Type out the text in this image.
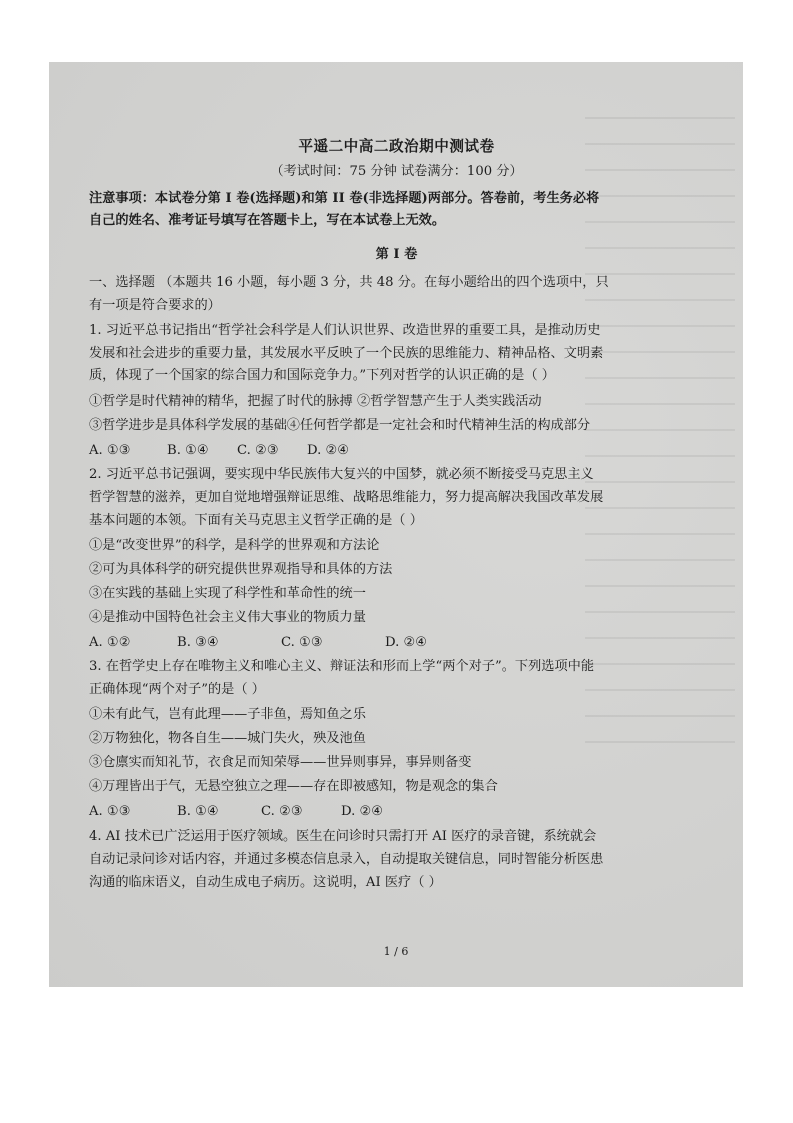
平遥二中高二政治期中测试卷
（考试时间：75 分钟 试卷满分：100 分）
注意事项：本试卷分第 I 卷(选择题)和第 II 卷(非选择题)两部分。答卷前，考生务必将
自己的姓名、准考证号填写在答题卡上，写在本试卷上无效。
第 I 卷
一、选择题 （本题共 16 小题，每小题 3 分，共 48 分。在每小题给出的四个选项中，只
有一项是符合要求的）
1. 习近平总书记指出“哲学社会科学是人们认识世界、改造世界的重要工具，是推动历史
发展和社会进步的重要力量，其发展水平反映了一个民族的思维能力、精神品格、文明素
质，体现了一个国家的综合国力和国际竞争力。”下列对哲学的认识正确的是（ ）
①哲学是时代精神的精华，把握了时代的脉搏 ②哲学智慧产生于人类实践活动
③哲学进步是具体科学发展的基础④任何哲学都是一定社会和时代精神生活的构成部分
A. ①③	B. ①④ C. ②③ D. ②④
2. 习近平总书记强调，要实现中华民族伟大复兴的中国梦，就必须不断接受马克思主义
哲学智慧的滋养，更加自觉地增强辩证思维、战略思维能力，努力提高解决我国改革发展
基本问题的本领。下面有关马克思主义哲学正确的是（ ）
①是“改变世界”的科学，是科学的世界观和方法论
②可为具体科学的研究提供世界观指导和具体的方法
③在实践的基础上实现了科学性和革命性的统一
④是推动中国特色社会主义伟大事业的物质力量
A. ①②	B. ③④	C. ①③	D. ②④
3. 在哲学史上存在唯物主义和唯心主义、辩证法和形而上学“两个对子”。下列选项中能
正确体现“两个对子”的是（ ）
①未有此气，岂有此理——子非鱼，焉知鱼之乐
②万物独化，物各自生——城门失火，殃及池鱼
③仓廪实而知礼节，衣食足而知荣辱——世异则事异，事异则备变
④万理皆出于气，无悬空独立之理——存在即被感知，物是观念的集合
A. ①③	B. ①④	C. ②③	D. ②④
4. AI 技术已广泛运用于医疗领域。医生在问诊时只需打开 AI 医疗的录音键，系统就会
自动记录问诊对话内容，并通过多模态信息录入，自动提取关键信息，同时智能分析医患
沟通的临床语义，自动生成电子病历。这说明，AI 医疗（ ）
1 / 6
